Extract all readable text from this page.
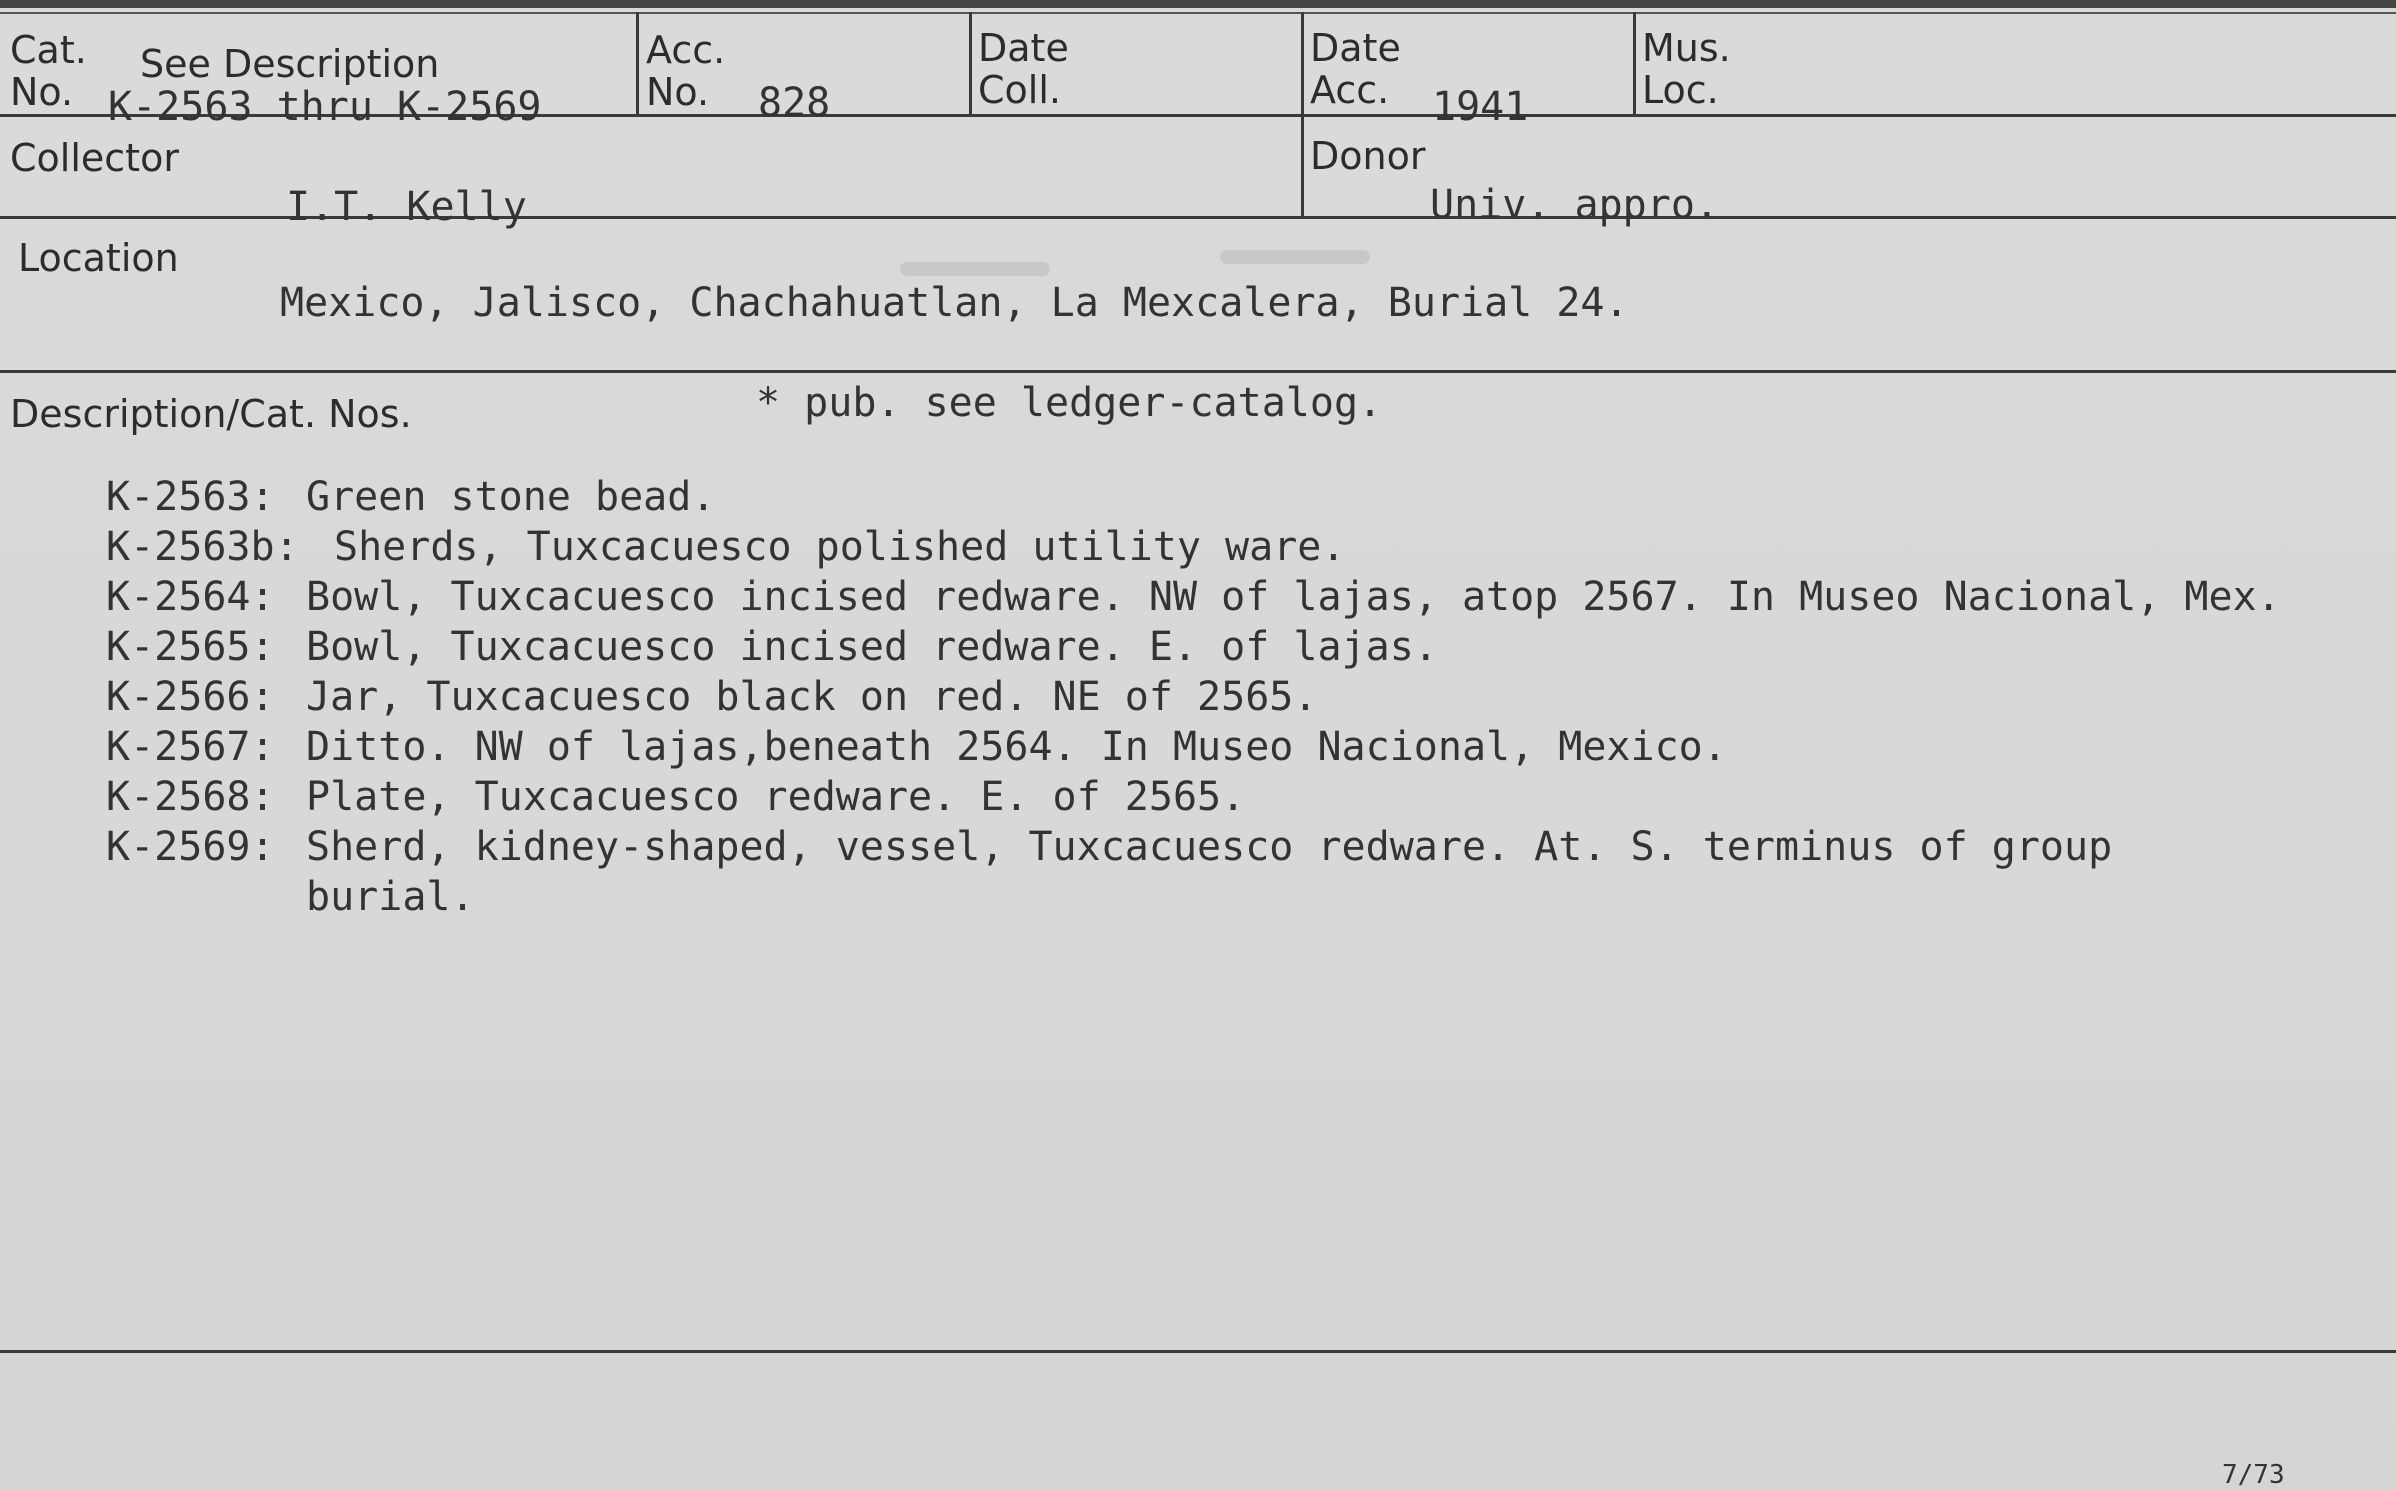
Cat.
No.
See Description
K-2563 thru K-2569
Acc.
No. 828
Date
Coll.
Date
Acc. 1941
Mus.
Loc.
Collector
I.T. Kelly
Donor
Univ. appro.
Location
Mexico, Jalisco, Chachahuatlan, La Mexcalera, Burial 24.
Description/Cat. Nos.	* pub. see ledger-catalog.
K-2563: Green stone bead.
K-2563b: Sherds, Tuxcacuesco polished utility ware.
K-2564: Bowl, Tuxcacuesco incised redware. NW of lajas, atop 2567. In Museo Nacional, Mex.
K-2565: Bowl, Tuxcacuesco incised redware. E. of lajas.
K-2566: Jar, Tuxcacuesco black on red. NE of 2565.
K-2567: Ditto. NW of lajas,beneath 2564. In Museo Nacional, Mexico.
K-2568: Plate, Tuxcacuesco redware. E. of 2565.
K-2569: Sherd, kidney-shaped, vessel, Tuxcacuesco redware. At. S. terminus of group
burial.
7/73
